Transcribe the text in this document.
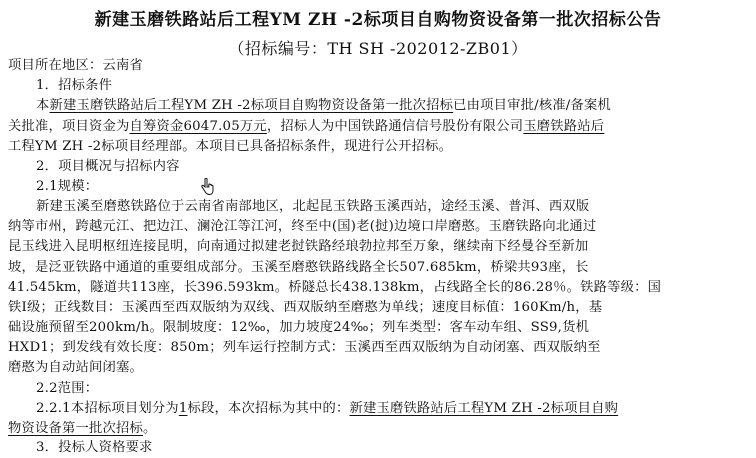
新建玉磨铁路站后工程YM ZH -2标项目自购物资设备第一批次招标公告
（招标编号：TH SH -202012-ZB01）
项目所在地区：云南省
1．招标条件
本新建玉磨铁路站后工程YM ZH -2标项目自购物资设备第一批次招标已由项目审批/核准/备案机
关批准，项目资金为自筹资金6047.05万元，招标人为中国铁路通信信号股份有限公司玉磨铁路站后
工程YM ZH -2标项目经理部。本项目已具备招标条件，现进行公开招标。
2．项目概况与招标内容
2.1规模：
新建玉溪至磨憨铁路位于云南省南部地区，北起昆玉铁路玉溪西站，途经玉溪、普洱、西双版
纳等市州，跨越元江、把边江、澜沧江等江河，终至中(国)老(挝)边境口岸磨憨。玉磨铁路向北通过
昆玉线进入昆明枢纽连接昆明，向南通过拟建老挝铁路经琅勃拉邦至万象，继续南下经曼谷至新加
坡，是泛亚铁路中通道的重要组成部分。玉溪至磨憨铁路线路全长507.685km，桥梁共93座，长
41.545km，隧道共113座，长396.593km。桥隧总长438.138km，占线路全长的86.28％。铁路等级：国
铁Ⅰ级；正线数目：玉溪西至西双版纳为双线、西双版纳至磨憨为单线；速度目标值：160Km/h，基
础设施预留至200km/h。限制坡度：12‰，加力坡度24‰；列车类型：客车动车组、SS9,货机
HXD1；到发线有效长度：850m；列车运行控制方式：玉溪西至西双版纳为自动闭塞、西双版纳至
磨憨为自动站间闭塞。
2.2范围：
2.2.1本招标项目划分为1标段，本次招标为其中的：新建玉磨铁路站后工程YM ZH -2标项目自购
物资设备第一批次招标。
3．投标人资格要求
